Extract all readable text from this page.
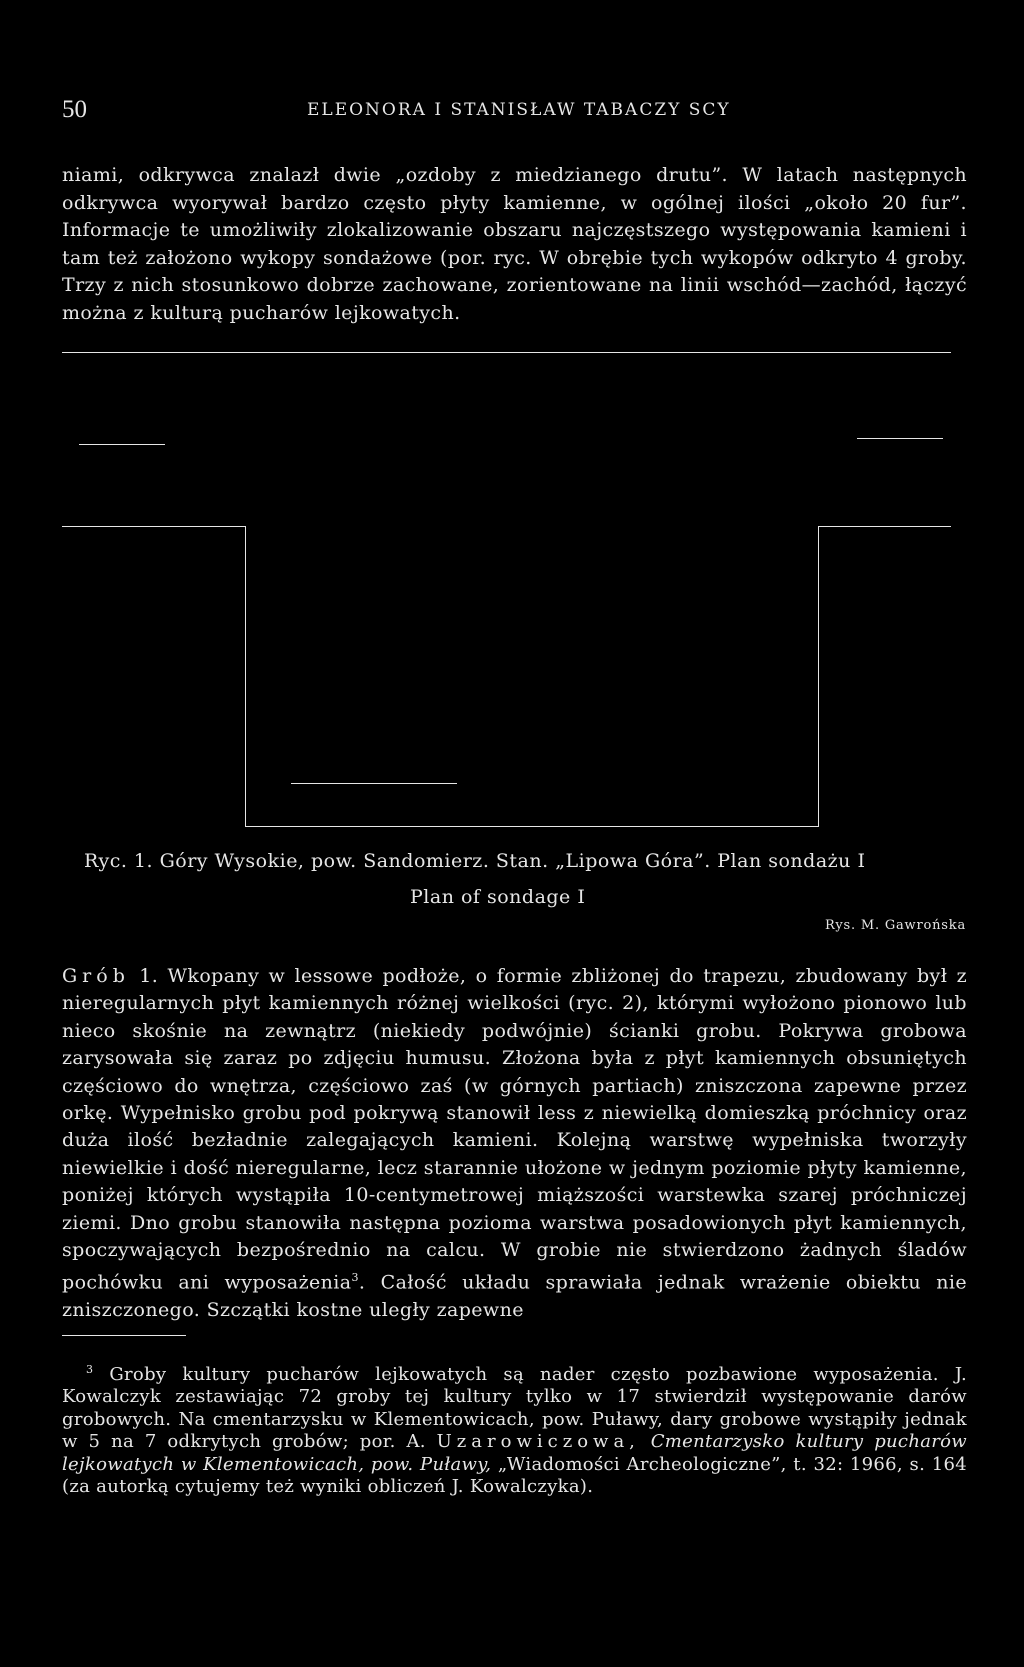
50	ELEONORA I STANISŁAW TABACZY SCY

niami, odkrywca znalazł dwie „ozdoby z miedzianego drutu”. W latach następnych odkrywca wyorywał bardzo często płyty kamienne, w ogólnej ilości „około 20 fur”. Informacje te umożliwiły zlokalizowanie obszaru najczęstszego występowania kamieni i tam też założono wykopy sondażowe (por. ryc. W obrębie tych wykopów odkryto 4 groby. Trzy z nich stosunkowo dobrze zachowane, zorientowane na linii wschód—zachód, łączyć można z kulturą pucharów lejkowatych.

Ryc. 1. Góry Wysokie, pow. Sandomierz. Stan. „Lipowa Góra”. Plan sondażu I
Plan of sondage I
Rys. M. Gawrońska

Grób 1. Wkopany w lessowe podłoże, o formie zbliżonej do trapezu, zbudowany był z nieregularnych płyt kamiennych różnej wielkości (ryc. 2), którymi wyłożono pionowo lub nieco skośnie na zewnątrz (niekiedy podwójnie) ścianki grobu. Pokrywa grobowa zarysowała się zaraz po zdjęciu humusu. Złożona była z płyt kamiennych obsuniętych częściowo do wnętrza, częściowo zaś (w górnych partiach) zniszczona zapewne przez orkę. Wypełnisko grobu pod pokrywą stanowił less z niewielką domieszką próchnicy oraz duża ilość bezładnie zalegających kamieni. Kolejną warstwę wypełniska tworzyły niewielkie i dość nieregularne, lecz starannie ułożone w jednym poziomie płyty kamienne, poniżej których wystąpiła 10-centymetrowej miąższości warstewka szarej próchniczej ziemi. Dno grobu stanowiła następna pozioma warstwa posadowionych płyt kamiennych, spoczywających bezpośrednio na calcu. W grobie nie stwierdzono żadnych śladów pochówku ani wyposażenia$^3$. Całość układu sprawiała jednak wrażenie obiektu nie zniszczonego. Szczątki kostne uległy zapewne

$^3$ Groby kultury pucharów lejkowatych są nader często pozbawione wyposażenia. J. Kowalczyk zestawiając 72 groby tej kultury tylko w 17 stwierdził występowanie darów grobowych. Na cmentarzysku w Klementowicach, pow. Puławy, dary grobowe wystąpiły jednak w 5 na 7 odkrytych grobów; por. A. Uzarowiczowa, Cmentarzysko kultury pucharów lejkowatych w Klementowicach, pow. Puławy, „Wiadomości Archeologiczne”, t. 32: 1966, s. 164 (za autorką cytujemy też wyniki obliczeń J. Kowalczyka).
